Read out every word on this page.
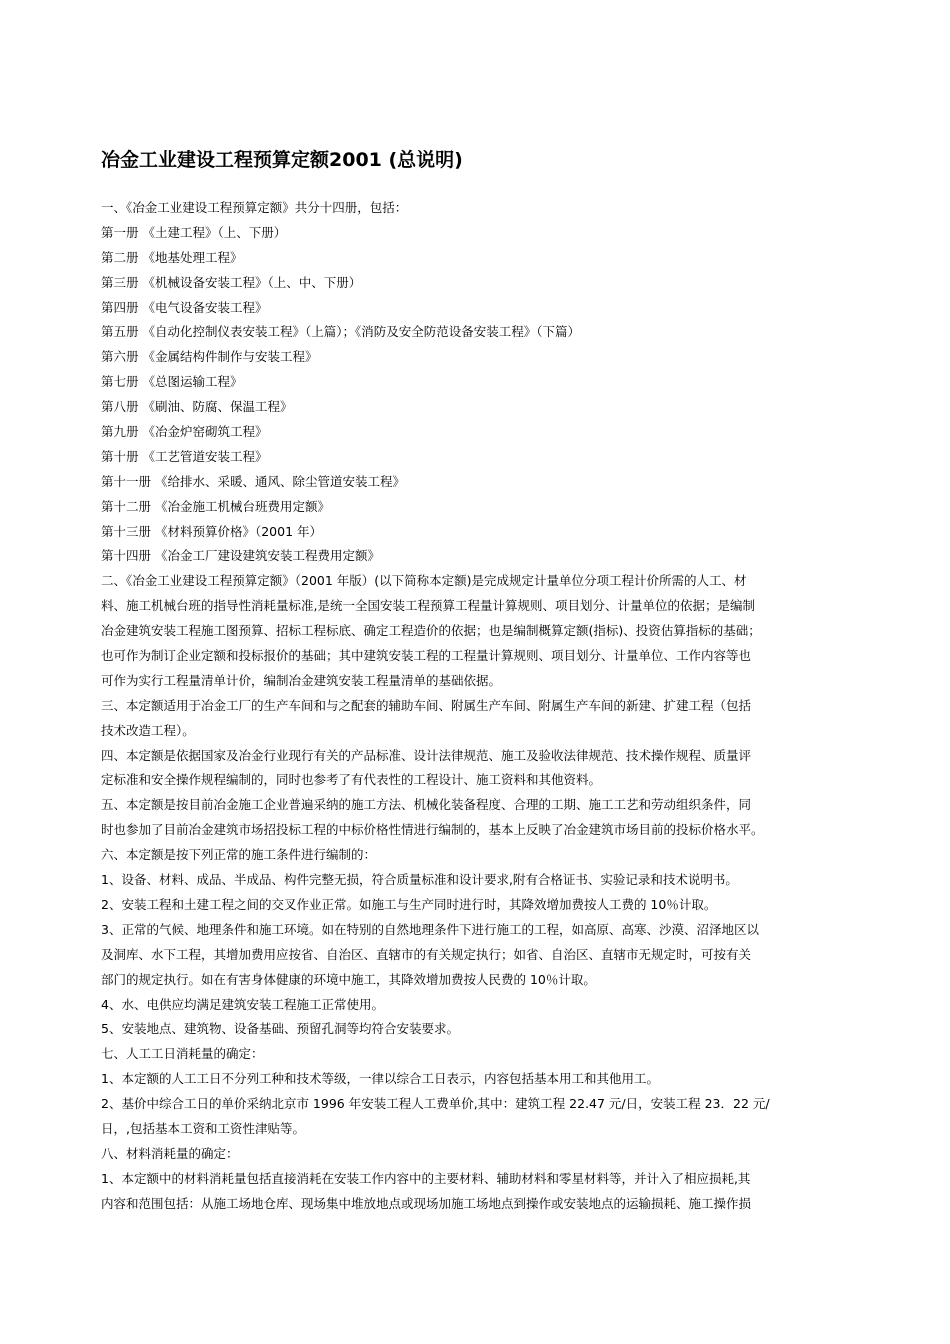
冶金工业建设工程预算定额2001 (总说明)
一、《冶金工业建设工程预算定额》共分十四册，包括：
第一册 《土建工程》（上、下册）
第二册 《地基处理工程》
第三册 《机械设备安装工程》（上、中、下册）
第四册 《电气设备安装工程》
第五册 《自动化控制仪表安装工程》（上篇）；《消防及安全防范设备安装工程》（下篇）
第六册 《金属结构件制作与安装工程》
第七册 《总图运输工程》
第八册 《刷油、防腐、保温工程》
第九册 《冶金炉窑砌筑工程》
第十册 《工艺管道安装工程》
第十一册 《给排水、采暖、通风、除尘管道安装工程》
第十二册 《冶金施工机械台班费用定额》
第十三册 《材料预算价格》（2001 年）
第十四册 《冶金工厂建设建筑安装工程费用定额》
二、《冶金工业建设工程预算定额》（2001 年版）(以下简称本定额)是完成规定计量单位分项工程计价所需的人工、材
料、施工机械台班的指导性消耗量标准,是统一全国安装工程预算工程量计算规则、项目划分、计量单位的依据；是编制
冶金建筑安装工程施工图预算、招标工程标底、确定工程造价的依据；也是编制概算定额(指标)、投资估算指标的基础；
也可作为制订企业定额和投标报价的基础；其中建筑安装工程的工程量计算规则、项目划分、计量单位、工作内容等也
可作为实行工程量清单计价，编制冶金建筑安装工程量清单的基础依据。
三、本定额适用于冶金工厂的生产车间和与之配套的辅助车间、附属生产车间、附属生产车间的新建、扩建工程（包括
技术改造工程）。
四、本定额是依据国家及冶金行业现行有关的产品标准、设计法律规范、施工及验收法律规范、技术操作规程、质量评
定标准和安全操作规程编制的，同时也参考了有代表性的工程设计、施工资料和其他资料。
五、本定额是按目前冶金施工企业普遍采纳的施工方法、机械化装备程度、合理的工期、施工工艺和劳动组织条件，同
时也参加了目前冶金建筑市场招投标工程的中标价格性情进行编制的，基本上反映了冶金建筑市场目前的投标价格水平。
六、本定额是按下列正常的施工条件进行编制的：
1、设备、材料、成品、半成品、构件完整无损，符合质量标准和设计要求,附有合格证书、实验记录和技术说明书。
2、安装工程和土建工程之间的交叉作业正常。如施工与生产同时进行时，其降效增加费按人工费的 10％计取。
3、正常的气候、地理条件和施工环境。如在特别的自然地理条件下进行施工的工程，如高原、高寒、沙漠、沼泽地区以
及洞库、水下工程，其增加费用应按省、自治区、直辖市的有关规定执行；如省、自治区、直辖市无规定时，可按有关
部门的规定执行。如在有害身体健康的环境中施工，其降效增加费按人民费的 10％计取。
4、水、电供应均满足建筑安装工程施工正常使用。
5、安装地点、建筑物、设备基础、预留孔洞等均符合安装要求。
七、人工工日消耗量的确定：
1、本定额的人工工日不分列工种和技术等级，一律以综合工日表示，内容包括基本用工和其他用工。
2、基价中综合工日的单价采纳北京市 1996 年安装工程人工费单价,其中：建筑工程 22.47 元/日，安装工程 23．22 元/
日，,包括基本工资和工资性津贴等。
八、材料消耗量的确定：
1、本定额中的材料消耗量包括直接消耗在安装工作内容中的主要材料、辅助材料和零星材料等，并计入了相应损耗,其
内容和范围包括：从施工场地仓库、现场集中堆放地点或现场加施工场地点到操作或安装地点的运输损耗、施工操作损
